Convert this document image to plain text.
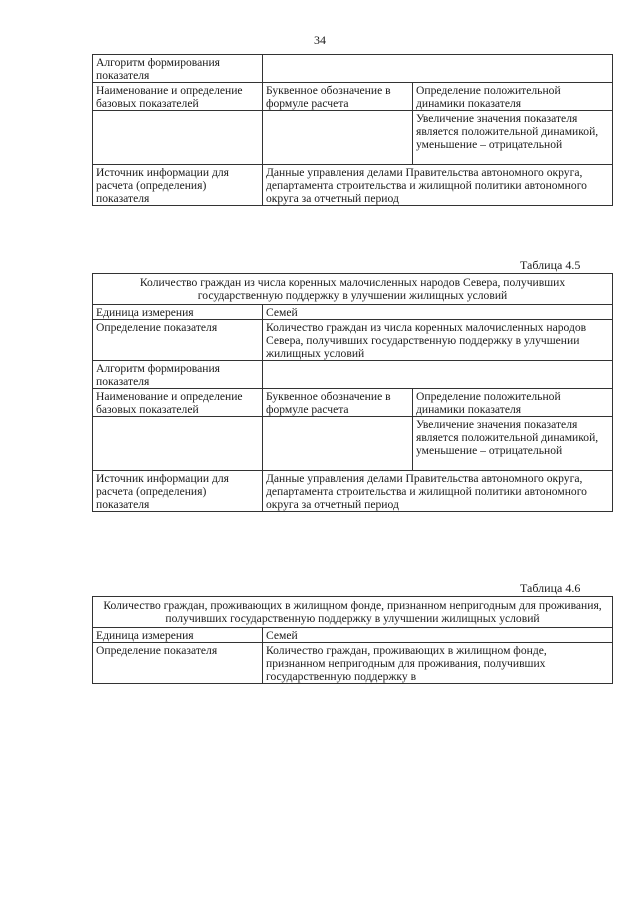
34
Алгоритм формирования показателя		
Наименование и определение базовых показателей	Буквенное обозначение в формуле расчета	Определение положительной динамики показателя
		Увеличение значения показателя является положительной динамикой, уменьшение – отрицательной
Источник информации для расчета (определения) показателя	Данные управления делами Правительства автономного округа, департамента строительства и жилищной политики автономного округа за отчетный период	
Таблица 4.5
Количество граждан из числа коренных малочисленных народов Севера, получивших государственную поддержку в улучшении жилищных условий		
Единица измерения	Семей	
Определение показателя	Количество граждан из числа коренных малочисленных народов Севера, получивших государственную поддержку в улучшении жилищных условий	
Алгоритм формирования показателя		
Наименование и определение базовых показателей	Буквенное обозначение в формуле расчета	Определение положительной динамики показателя
		Увеличение значения показателя является положительной динамикой, уменьшение – отрицательной
Источник информации для расчета (определения) показателя	Данные управления делами Правительства автономного округа, департамента строительства и жилищной политики автономного округа за отчетный период	
Таблица 4.6
Количество граждан, проживающих в жилищном фонде, признанном непригодным для проживания, получивших государственную поддержку в улучшении жилищных условий	
Единица измерения	Семей
Определение показателя	Количество граждан, проживающих в жилищном фонде, признанном непригодным для проживания, получивших государственную поддержку в
